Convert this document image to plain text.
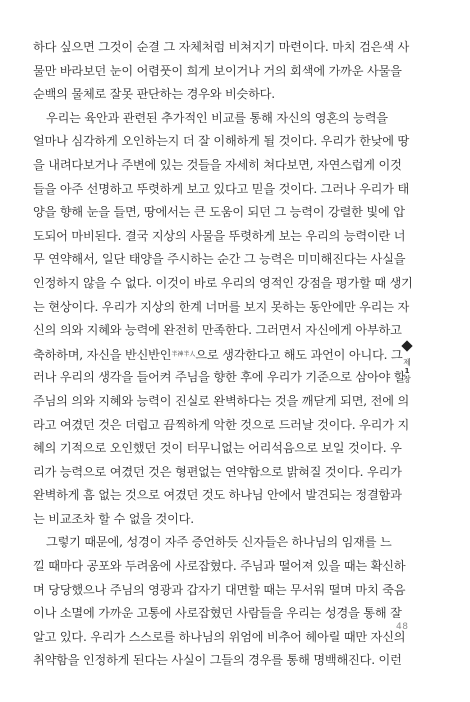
하다 싶으면 그것이 순결 그 자체처럼 비쳐지기 마련이다. 마치 검은색 사
물만 바라보던 눈이 어렴풋이 희게 보이거나 거의 회색에 가까운 사물을
순백의 물체로 잘못 판단하는 경우와 비슷하다.
우리는 육안과 관련된 추가적인 비교를 통해 자신의 영혼의 능력을
얼마나 심각하게 오인하는지 더 잘 이해하게 될 것이다. 우리가 한낮에 땅
을 내려다보거나 주변에 있는 것들을 자세히 쳐다보면, 자연스럽게 이것
들을 아주 선명하고 뚜렷하게 보고 있다고 믿을 것이다. 그러나 우리가 태
양을 향해 눈을 들면, 땅에서는 큰 도움이 되던 그 능력이 강렬한 빛에 압
도되어 마비된다. 결국 지상의 사물을 뚜렷하게 보는 우리의 능력이란 너
무 연약해서, 일단 태양을 주시하는 순간 그 능력은 미미해진다는 사실을
인정하지 않을 수 없다. 이것이 바로 우리의 영적인 강점을 평가할 때 생기
는 현상이다. 우리가 지상의 한계 너머를 보지 못하는 동안에만 우리는 자
신의 의와 지혜와 능력에 완전히 만족한다. 그러면서 자신에게 아부하고
축하하며, 자신을 반신반인$^{半神半人}$으로 생각한다고 해도 과언이 아니다. 그
러나 우리의 생각을 들어켜 주님을 향한 후에 우리가 기준으로 삼아야 할
주님의 의와 지혜와 능력이 진실로 완벽하다는 것을 깨닫게 되면, 전에 의
라고 여겼던 것은 더럽고 끔찍하게 악한 것으로 드러날 것이다. 우리가 지
혜의 기적으로 오인했던 것이 터무니없는 어리석음으로 보일 것이다. 우
리가 능력으로 여겼던 것은 형편없는 연약함으로 밝혀질 것이다. 우리가
완벽하게 흠 없는 것으로 여겼던 것도 하나님 안에서 발견되는 정결함과
는 비교조차 할 수 없을 것이다.
그렇기 때문에, 성경이 자주 증언하듯 신자들은 하나님의 임재를 느
낄 때마다 공포와 두려움에 사로잡혔다. 주님과 떨어져 있을 때는 확신하
며 당당했으나 주님의 영광과 갑자기 대면할 때는 무서워 떨며 마치 죽음
이나 소멸에 가까운 고통에 사로잡혔던 사람들을 우리는 성경을 통해 잘
알고 있다. 우리가 스스로를 하나님의 위엄에 비추어 헤아릴 때만 자신의
취약함을 인정하게 된다는 사실이 그들의 경우를 통해 명백해진다. 이런
제
1
장
48
